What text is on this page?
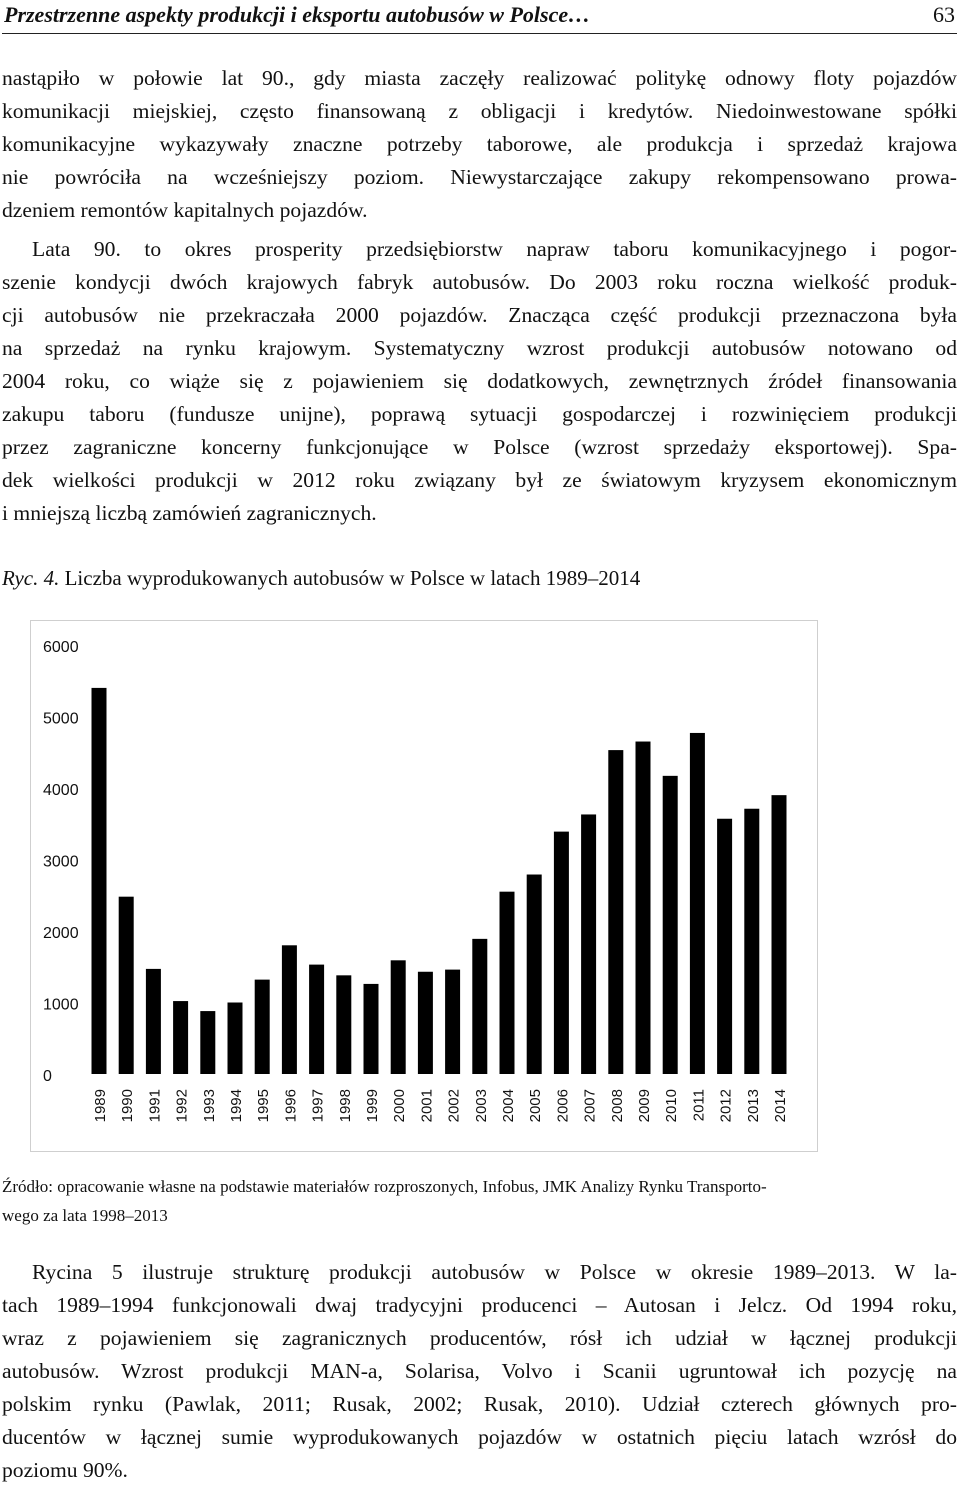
Przestrzenne aspekty produkcji i eksportu autobusów w Polsce…	63
nastąpiło w połowie lat 90., gdy miasta zaczęły realizować politykę odnowy floty pojazdów
komunikacji miejskiej, często finansowaną z obligacji i kredytów. Niedoinwestowane spółki
komunikacyjne wykazywały znaczne potrzeby taborowe, ale produkcja i sprzedaż krajowa
nie powróciła na wcześniejszy poziom. Niewystarczające zakupy rekompensowano prowa-
dzeniem remontów kapitalnych pojazdów.
Lata 90. to okres prosperity przedsiębiorstw napraw taboru komunikacyjnego i pogor-
szenie kondycji dwóch krajowych fabryk autobusów. Do 2003 roku roczna wielkość produk-
cji autobusów nie przekraczała 2000 pojazdów. Znacząca część produkcji przeznaczona była
na sprzedaż na rynku krajowym. Systematyczny wzrost produkcji autobusów notowano od
2004 roku, co wiąże się z pojawieniem się dodatkowych, zewnętrznych źródeł finansowania
zakupu taboru (fundusze unijne), poprawą sytuacji gospodarczej i rozwinięciem produkcji
przez zagraniczne koncerny funkcjonujące w Polsce (wzrost sprzedaży eksportowej). Spa-
dek wielkości produkcji w 2012 roku związany był ze światowym kryzysem ekonomicznym
i mniejszą liczbą zamówień zagranicznych.
Ryc. 4. Liczba wyprodukowanych autobusów w Polsce w latach 1989–2014
0
1000
2000
3000
4000
5000
6000
1989 1990 1991 1992 1993 1994 1995 1996 1997 1998 1999 2000 2001 2002 2003 2004 2005 2006 2007 2008 2009 2010 2011 2012 2013 2014
Źródło: opracowanie własne na podstawie materiałów rozproszonych, Infobus, JMK Analizy Rynku Transporto-
wego za lata 1998–2013
Rycina 5 ilustruje strukturę produkcji autobusów w Polsce w okresie 1989–2013. W la-
tach 1989–1994 funkcjonowali dwaj tradycyjni producenci – Autosan i Jelcz. Od 1994 roku,
wraz z pojawieniem się zagranicznych producentów, rósł ich udział w łącznej produkcji
autobusów. Wzrost produkcji MAN-a, Solarisa, Volvo i Scanii ugruntował ich pozycję na
polskim rynku (Pawlak, 2011; Rusak, 2002; Rusak, 2010). Udział czterech głównych pro-
ducentów w łącznej sumie wyprodukowanych pojazdów w ostatnich pięciu latach wzrósł do
poziomu 90%.
